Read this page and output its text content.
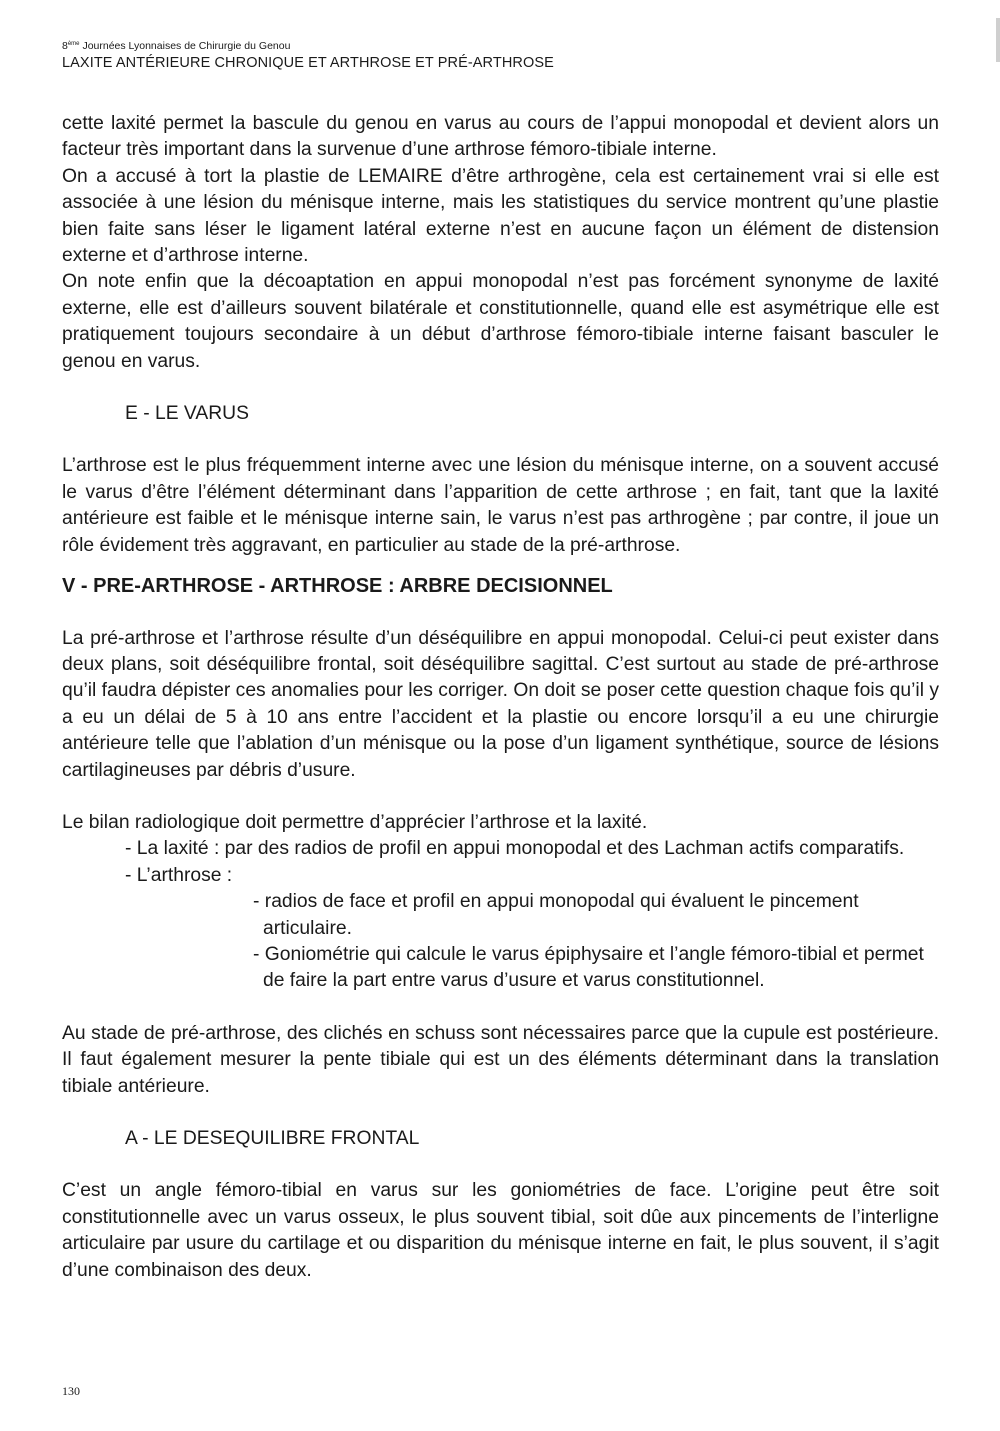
8ème Journées Lyonnaises de Chirurgie du Genou
LAXITE ANTÉRIEURE CHRONIQUE ET ARTHROSE ET PRÉ-ARTHROSE

cette laxité permet la bascule du genou en varus au cours de l’appui monopodal et devient alors un facteur très important dans la survenue d’une arthrose fémoro-tibiale interne.

On a accusé à tort la plastie de LEMAIRE d’être arthrogène, cela est certainement vrai si elle est associée à une lésion du ménisque interne, mais les statistiques du service montrent qu’une plastie bien faite sans léser le ligament latéral externe n’est en aucune façon un élément de distension externe et d’arthrose interne.

On note enfin que la décoaptation en appui monopodal n’est pas forcément synonyme de laxité externe, elle est d’ailleurs souvent bilatérale et constitutionnelle, quand elle est asymétrique elle est pratiquement toujours secondaire à un début d’arthrose fémoro-tibiale interne faisant basculer le genou en varus.

E - LE VARUS

L’arthrose est le plus fréquemment interne avec une lésion du ménisque interne, on a souvent accusé le varus d’être l’élément déterminant dans l’apparition de cette arthrose ; en fait, tant que la laxité antérieure est faible et le ménisque interne sain, le varus n’est pas arthrogène ; par contre, il joue un rôle évidement très aggravant, en particulier au stade de la pré-arthrose.

V - PRE-ARTHROSE - ARTHROSE : ARBRE DECISIONNEL

La pré-arthrose et l’arthrose résulte d’un déséquilibre en appui monopodal. Celui-ci peut exister dans deux plans, soit déséquilibre frontal, soit déséquilibre sagittal. C’est surtout au stade de pré-arthrose qu’il faudra dépister ces anomalies pour les corriger. On doit se poser cette question chaque fois qu’il y a eu un délai de 5 à 10 ans entre l’accident et la plastie ou encore lorsqu’il a eu une chirurgie antérieure telle que l’ablation d’un ménisque ou la pose d’un ligament synthétique, source de lésions cartilagineuses par débris d’usure.

Le bilan radiologique doit permettre d’apprécier l’arthrose et la laxité.

- La laxité : par des radios de profil en appui monopodal et des Lachman actifs comparatifs.

- L’arthrose :

- radios de face et profil en appui monopodal qui évaluent le pincement articulaire.

- Goniométrie qui calcule le varus épiphysaire et l’angle fémoro-tibial et permet de faire la part entre varus d’usure et varus constitutionnel.

Au stade de pré-arthrose, des clichés en schuss sont nécessaires parce que la cupule est postérieure. Il faut également mesurer la pente tibiale qui est un des éléments déterminant dans la translation tibiale antérieure.

A - LE DESEQUILIBRE FRONTAL

C’est un angle fémoro-tibial en varus sur les goniométries de face. L’origine peut être soit constitutionnelle avec un varus osseux, le plus souvent tibial, soit dûe aux pincements de l’interligne articulaire par usure du cartilage et ou disparition du ménisque interne en fait, le plus souvent, il s’agit d’une combinaison des deux.

130
